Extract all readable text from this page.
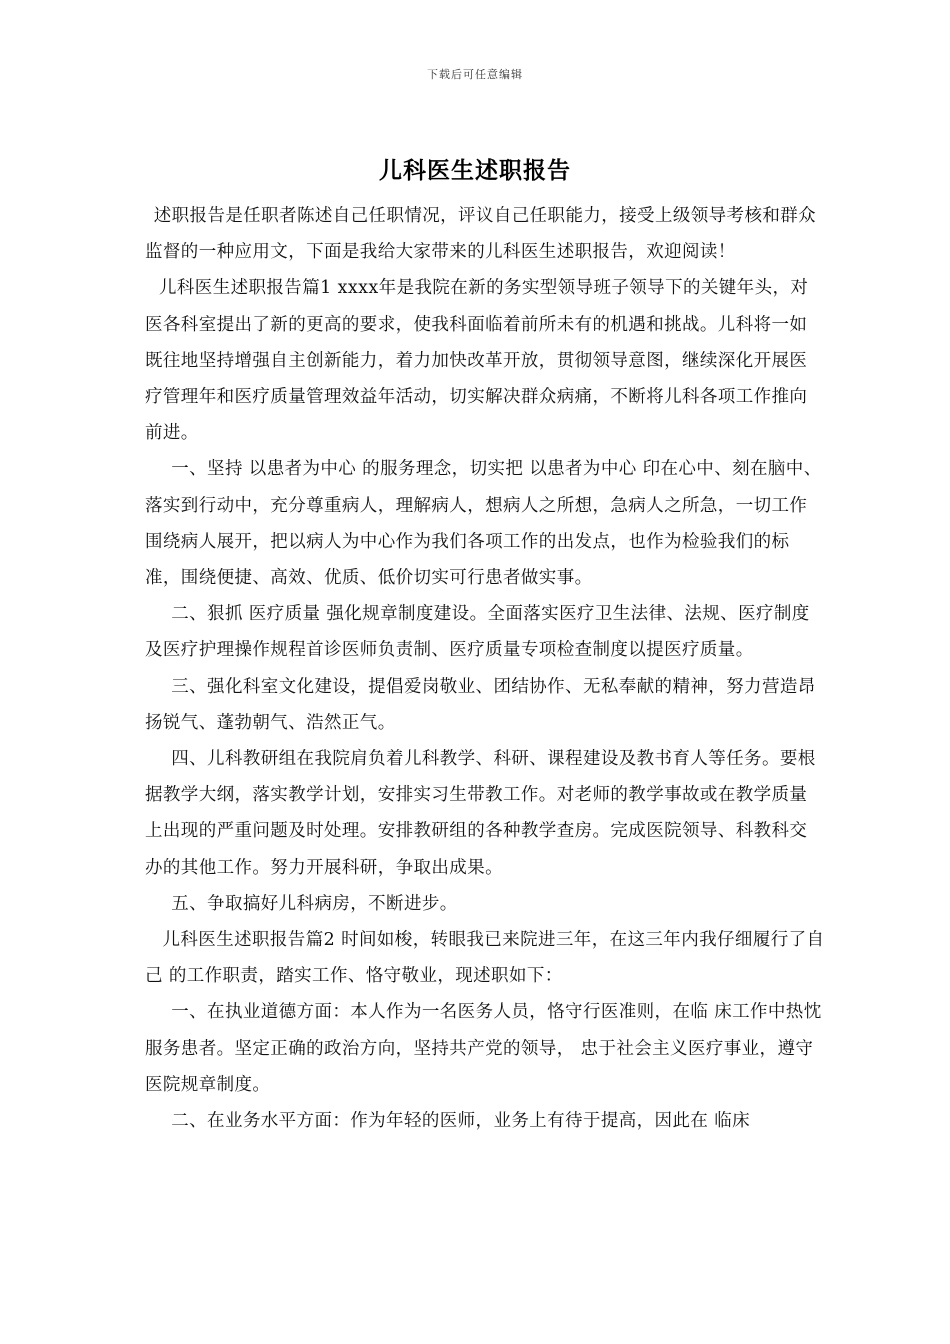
下载后可任意编辑
儿科医生述职报告

述职报告是任职者陈述自己任职情况，评议自己任职能力，接受上级领导考核和群众监督的一种应用文，下面是我给大家带来的儿科医生述职报告，欢迎阅读！

儿科医生述职报告篇1 xxxx年是我院在新的务实型领导班子领导下的关键年头，对医各科室提出了新的更高的要求，使我科面临着前所未有的机遇和挑战。儿科将一如既往地坚持增强自主创新能力，着力加快改革开放，贯彻领导意图，继续深化开展医疗管理年和医疗质量管理效益年活动，切实解决群众病痛，不断将儿科各项工作推向前进。

一、坚持 以患者为中心 的服务理念，切实把 以患者为中心 印在心中、刻在脑中、落实到行动中，充分尊重病人，理解病人，想病人之所想，急病人之所急，一切工作围绕病人展开，把以病人为中心作为我们各项工作的出发点，也作为检验我们的标准，围绕便捷、高效、优质、低价切实可行患者做实事。

二、狠抓 医疗质量 强化规章制度建设。全面落实医疗卫生法律、法规、医疗制度及医疗护理操作规程首诊医师负责制、医疗质量专项检查制度以提医疗质量。

三、强化科室文化建设，提倡爱岗敬业、团结协作、无私奉献的精神，努力营造昂扬锐气、蓬勃朝气、浩然正气。

四、儿科教研组在我院肩负着儿科教学、科研、课程建设及教书育人等任务。要根据教学大纲，落实教学计划，安排实习生带教工作。对老师的教学事故或在教学质量上出现的严重问题及时处理。安排教研组的各种教学查房。完成医院领导、科教科交办的其他工作。努力开展科研，争取出成果。

五、争取搞好儿科病房，不断进步。

儿科医生述职报告篇2 时间如梭，转眼我已来院进三年，在这三年内我仔细履行了自己 的工作职责，踏实工作、恪守敬业，现述职如下：

一、在执业道德方面：本人作为一名医务人员，恪守行医准则，在临 床工作中热忱服务患者。坚定正确的政治方向，坚持共产党的领导， 忠于社会主义医疗事业，遵守医院规章制度。

二、在业务水平方面：作为年轻的医师，业务上有待于提高，因此在 临床
